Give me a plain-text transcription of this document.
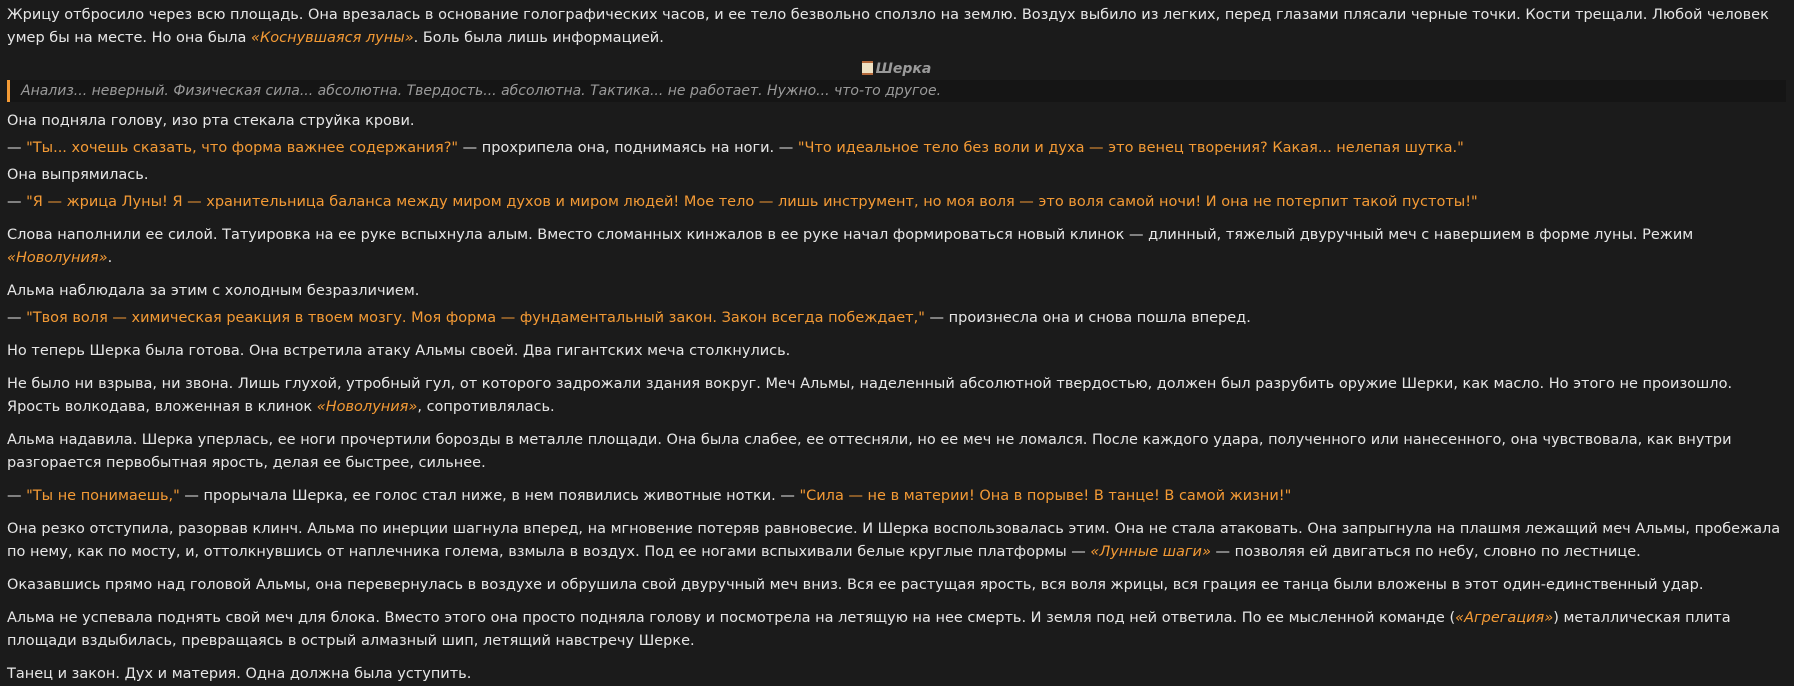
Жрицу отбросило через всю площадь. Она врезалась в основание голографических часов, и ее тело безвольно сползло на землю. Воздух выбило из легких, перед глазами плясали черные точки. Кости трещали. Любой человек умер бы на месте. Но она была «Коснувшаяся луны». Боль была лишь информацией.

Шерка
Анализ... неверный. Физическая сила... абсолютна. Твердость... абсолютна. Тактика... не работает. Нужно... что-то другое.

Она подняла голову, изо рта стекала струйка крови.

— "Ты... хочешь сказать, что форма важнее содержания?" — прохрипела она, поднимаясь на ноги. — "Что идеальное тело без воли и духа — это венец творения? Какая... нелепая шутка."

Она выпрямилась.

— "Я — жрица Луны! Я — хранительница баланса между миром духов и миром людей! Мое тело — лишь инструмент, но моя воля — это воля самой ночи! И она не потерпит такой пустоты!"

Слова наполнили ее силой. Татуировка на ее руке вспыхнула алым. Вместо сломанных кинжалов в ее руке начал формироваться новый клинок — длинный, тяжелый двуручный меч с навершием в форме луны. Режим «Новолуния».

Альма наблюдала за этим с холодным безразличием.

— "Твоя воля — химическая реакция в твоем мозгу. Моя форма — фундаментальный закон. Закон всегда побеждает," — произнесла она и снова пошла вперед.

Но теперь Шерка была готова. Она встретила атаку Альмы своей. Два гигантских меча столкнулись.

Не было ни взрыва, ни звона. Лишь глухой, утробный гул, от которого задрожали здания вокруг. Меч Альмы, наделенный абсолютной твердостью, должен был разрубить оружие Шерки, как масло. Но этого не произошло. Ярость волкодава, вложенная в клинок «Новолуния», сопротивлялась.

Альма надавила. Шерка уперлась, ее ноги прочертили борозды в металле площади. Она была слабее, ее оттесняли, но ее меч не ломался. После каждого удара, полученного или нанесенного, она чувствовала, как внутри разгорается первобытная ярость, делая ее быстрее, сильнее.

— "Ты не понимаешь," — прорычала Шерка, ее голос стал ниже, в нем появились животные нотки. — "Сила — не в материи! Она в порыве! В танце! В самой жизни!"

Она резко отступила, разорвав клинч. Альма по инерции шагнула вперед, на мгновение потеряв равновесие. И Шерка воспользовалась этим. Она не стала атаковать. Она запрыгнула на плашмя лежащий меч Альмы, пробежала по нему, как по мосту, и, оттолкнувшись от наплечника голема, взмыла в воздух. Под ее ногами вспыхивали белые круглые платформы — «Лунные шаги» — позволяя ей двигаться по небу, словно по лестнице.

Оказавшись прямо над головой Альмы, она перевернулась в воздухе и обрушила свой двуручный меч вниз. Вся ее растущая ярость, вся воля жрицы, вся грация ее танца были вложены в этот один-единственный удар.

Альма не успевала поднять свой меч для блока. Вместо этого она просто подняла голову и посмотрела на летящую на нее смерть. И земля под ней ответила. По ее мысленной команде («Агрегация») металлическая плита площади вздыбилась, превращаясь в острый алмазный шип, летящий навстречу Шерке.

Танец и закон. Дух и материя. Одна должна была уступить.
